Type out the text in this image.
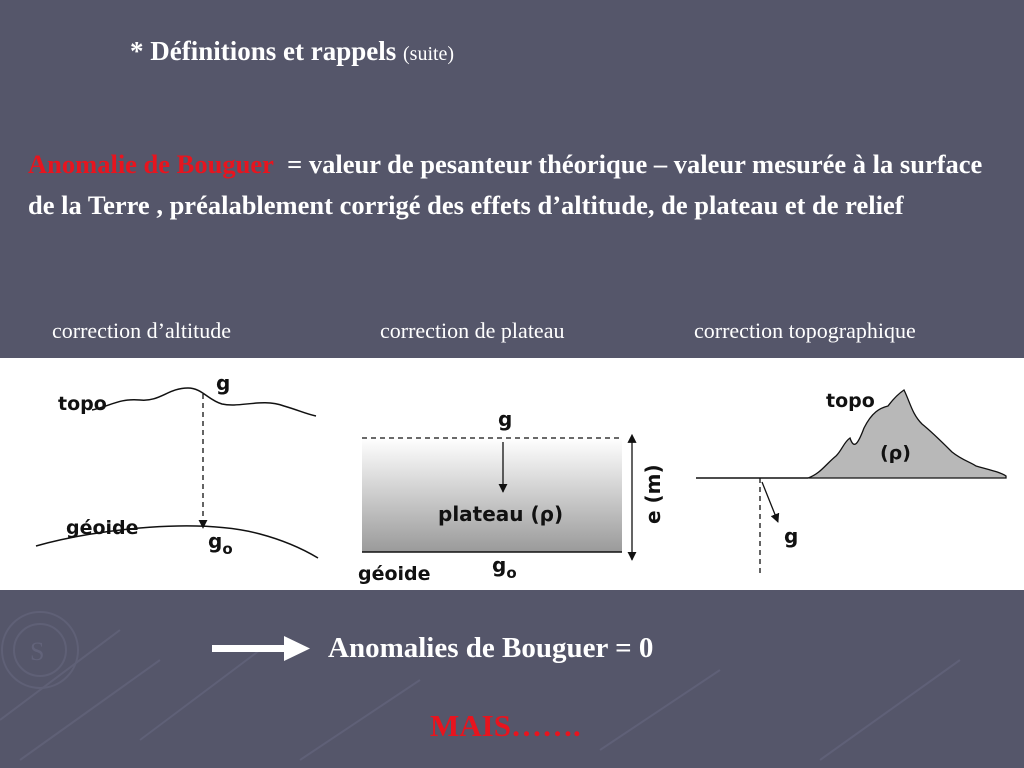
S
* Définitions et rappels (suite)
Anomalie de Bouguer = valeur de pesanteur théorique – valeur mesurée à la surface de la Terre , préalablement corrigé des effets d’altitude, de plateau et de relief
correction d’altitude	correction de plateau	correction topographique
topo
g
géoide
$g_o$
g
plateau (ρ)	e (m)
géoide	$g_o$
topo
(ρ)
g
Anomalies de Bouguer = 0
MAIS…….
